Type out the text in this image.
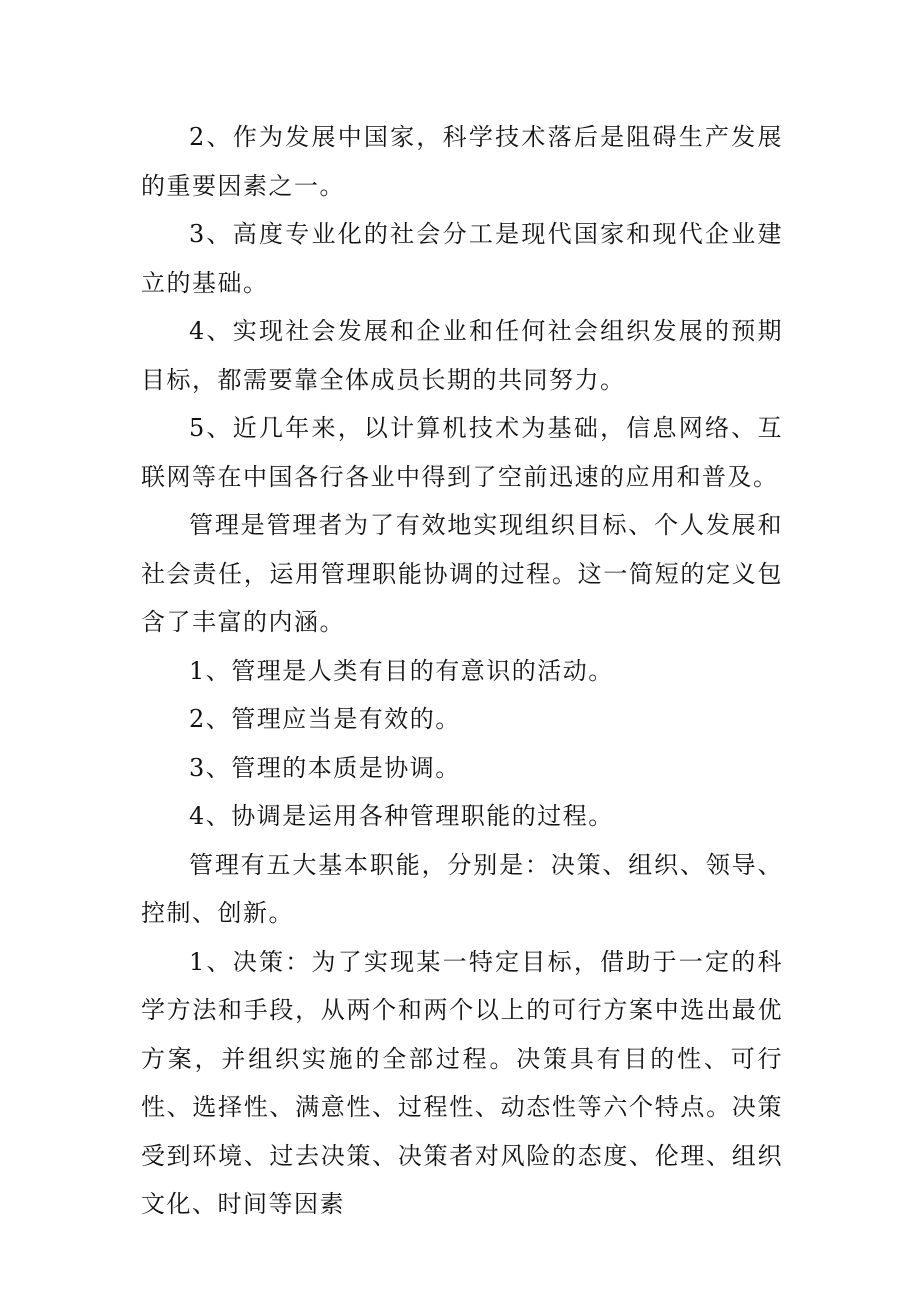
2、作为发展中国家，科学技术落后是阻碍生产发展的重要因素之一。

3、高度专业化的社会分工是现代国家和现代企业建立的基础。

4、实现社会发展和企业和任何社会组织发展的预期目标，都需要靠全体成员长期的共同努力。

5、近几年来，以计算机技术为基础，信息网络、互联网等在中国各行各业中得到了空前迅速的应用和普及。

管理是管理者为了有效地实现组织目标、个人发展和社会责任，运用管理职能协调的过程。这一简短的定义包含了丰富的内涵。

1、管理是人类有目的有意识的活动。

2、管理应当是有效的。

3、管理的本质是协调。

4、协调是运用各种管理职能的过程。

管理有五大基本职能，分别是：决策、组织、领导、控制、创新。

1、决策：为了实现某一特定目标，借助于一定的科学方法和手段，从两个和两个以上的可行方案中选出最优方案，并组织实施的全部过程。决策具有目的性、可行性、选择性、满意性、过程性、动态性等六个特点。决策受到环境、过去决策、决策者对风险的态度、伦理、组织文化、时间等因素
